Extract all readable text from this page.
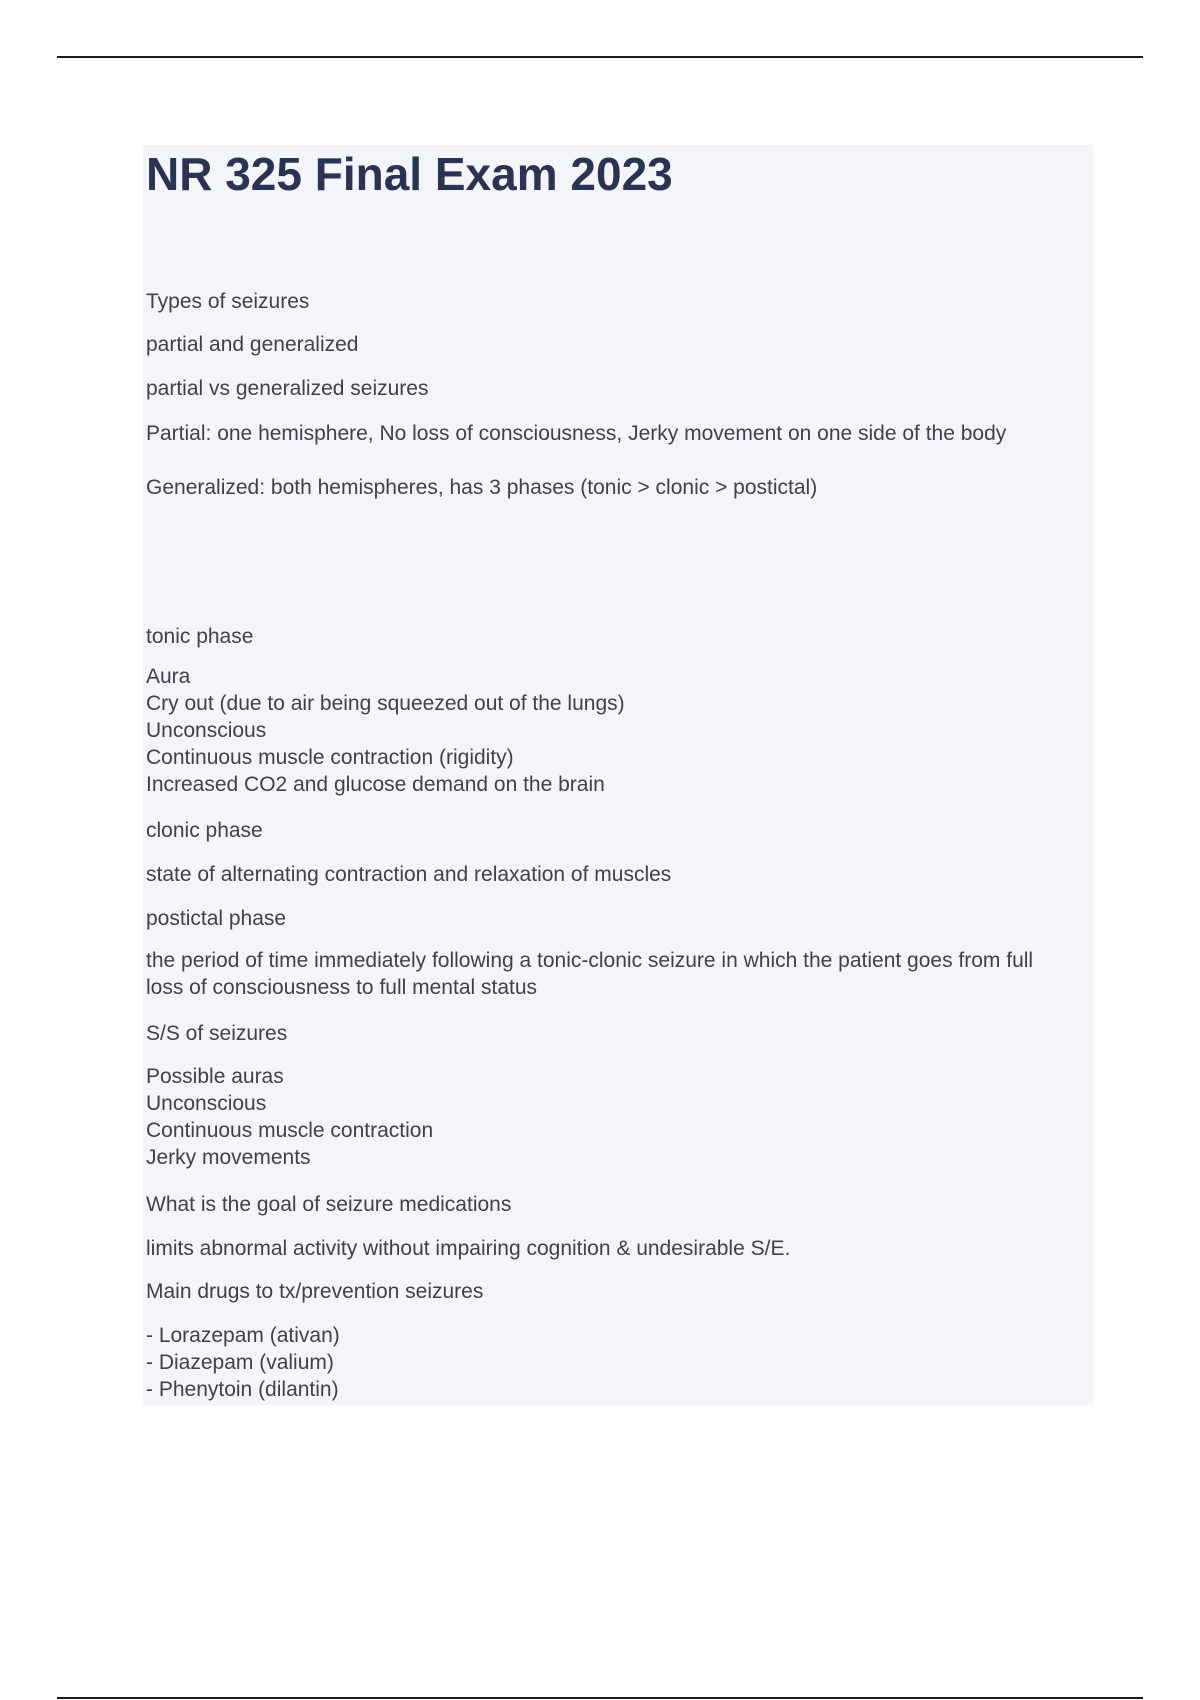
NR 325 Final Exam 2023
Types of seizures
partial and generalized
partial vs generalized seizures
Partial: one hemisphere, No loss of consciousness, Jerky movement on one side of the body
Generalized: both hemispheres, has 3 phases (tonic > clonic > postictal)
tonic phase
Aura
Cry out (due to air being squeezed out of the lungs)
Unconscious
Continuous muscle contraction (rigidity)
Increased CO2 and glucose demand on the brain
clonic phase
state of alternating contraction and relaxation of muscles
postictal phase
the period of time immediately following a tonic-clonic seizure in which the patient goes from full
loss of consciousness to full mental status
S/S of seizures
Possible auras
Unconscious
Continuous muscle contraction
Jerky movements
What is the goal of seizure medications
limits abnormal activity without impairing cognition & undesirable S/E.
Main drugs to tx/prevention seizures
- Lorazepam (ativan)
- Diazepam (valium)
- Phenytoin (dilantin)
